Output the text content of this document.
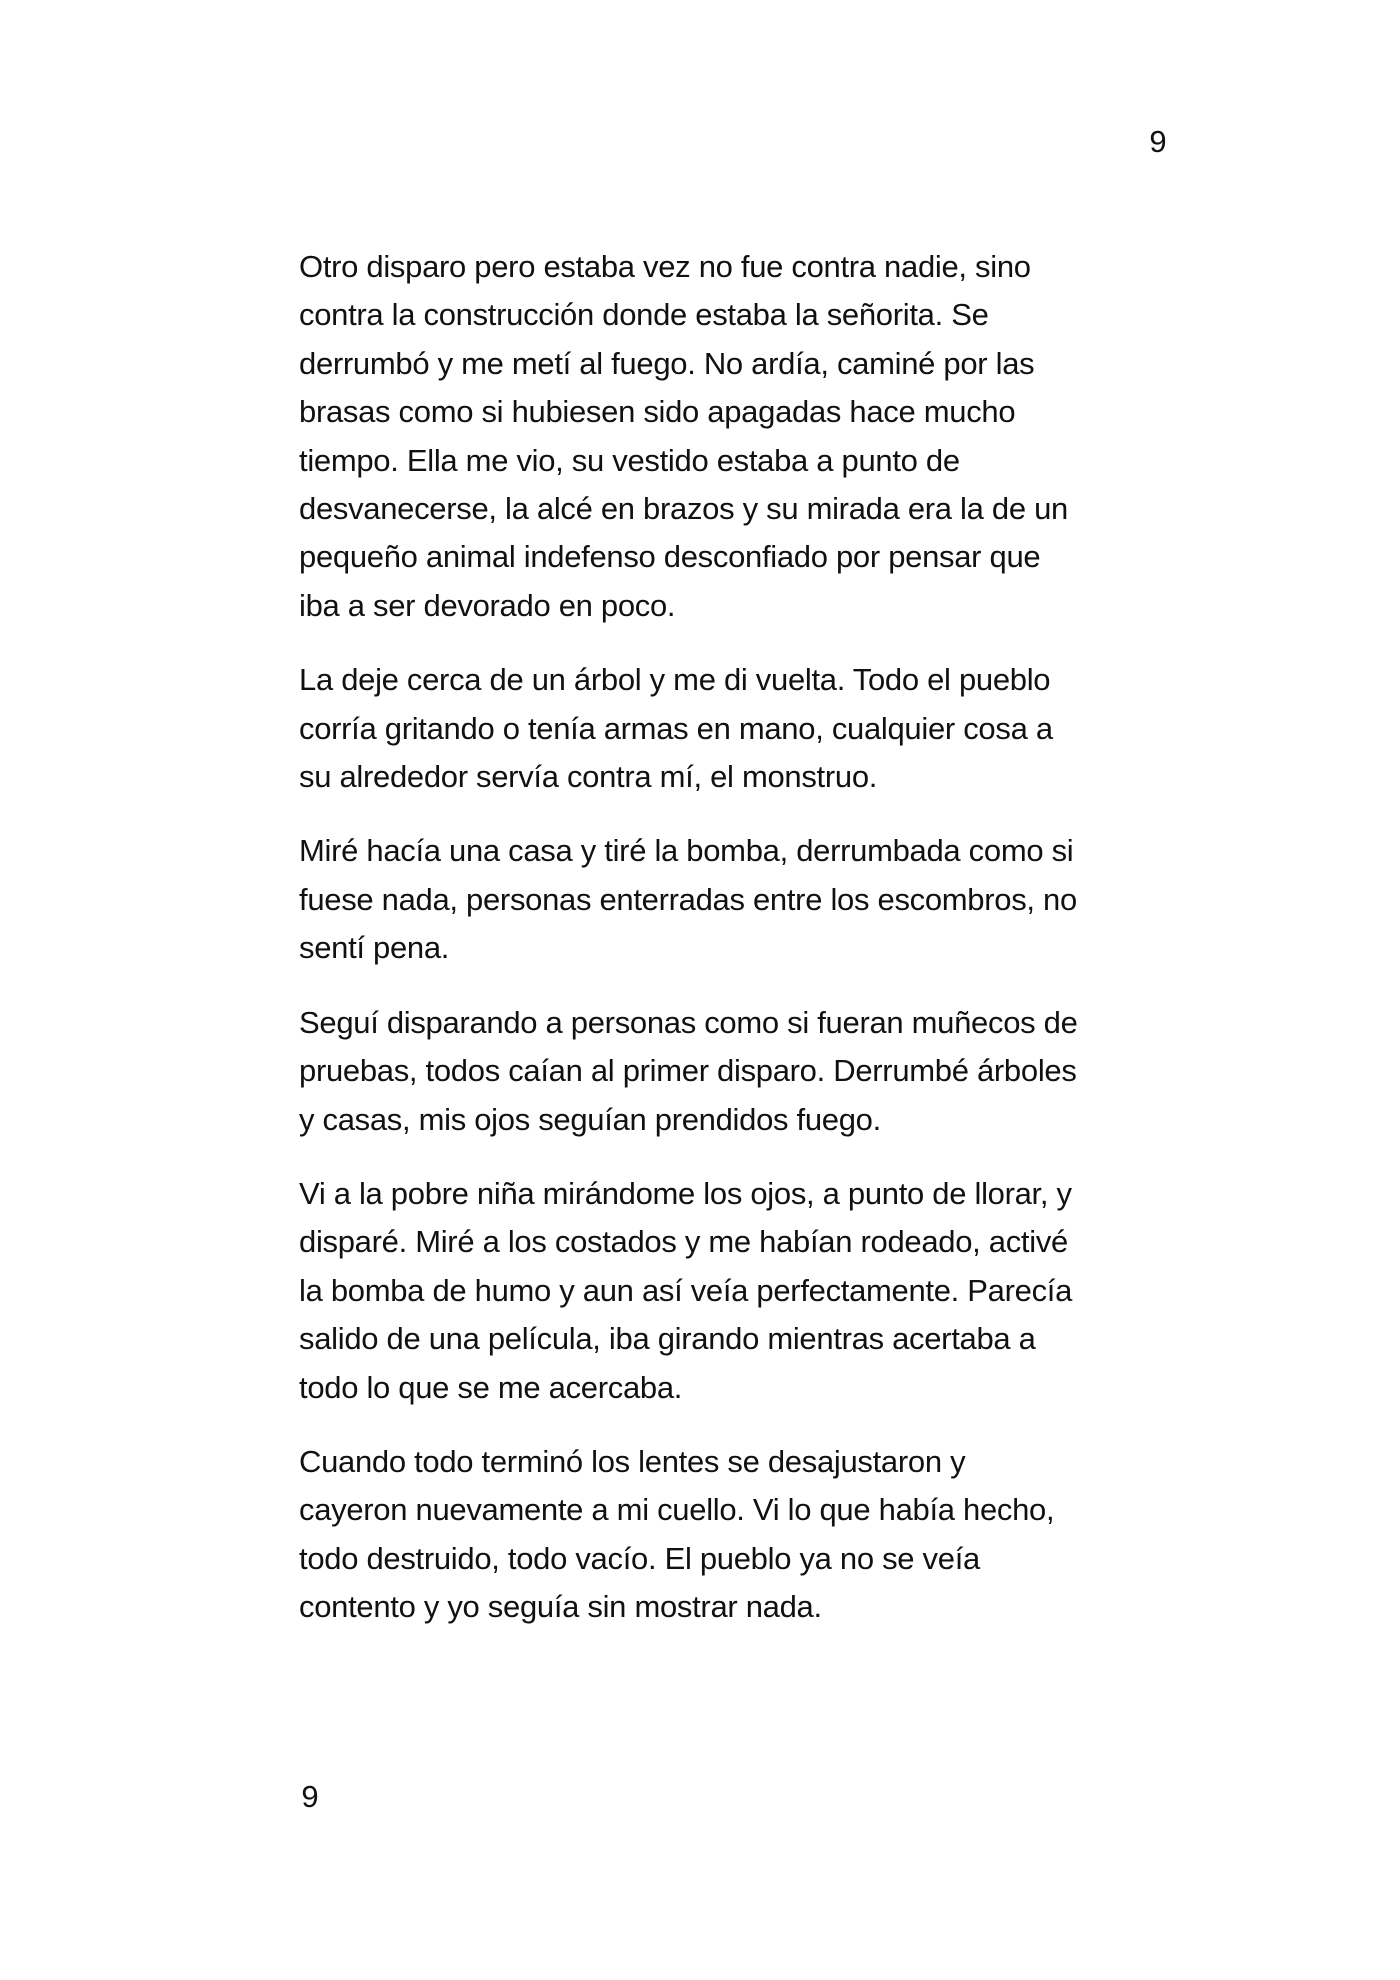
9

Otro disparo pero estaba vez no fue contra nadie, sino
contra la construcción donde estaba la señorita. Se
derrumbó y me metí al fuego. No ardía, caminé por las
brasas como si hubiesen sido apagadas hace mucho
tiempo. Ella me vio, su vestido estaba a punto de
desvanecerse, la alcé en brazos y su mirada era la de un
pequeño animal indefenso desconfiado por pensar que
iba a ser devorado en poco.

La deje cerca de un árbol y me di vuelta. Todo el pueblo
corría gritando o tenía armas en mano, cualquier cosa a
su alrededor servía contra mí, el monstruo.

Miré hacía una casa y tiré la bomba, derrumbada como si
fuese nada, personas enterradas entre los escombros, no
sentí pena.

Seguí disparando a personas como si fueran muñecos de
pruebas, todos caían al primer disparo. Derrumbé árboles
y casas, mis ojos seguían prendidos fuego.

Vi a la pobre niña mirándome los ojos, a punto de llorar, y
disparé. Miré a los costados y me habían rodeado, activé
la bomba de humo y aun así veía perfectamente. Parecía
salido de una película, iba girando mientras acertaba a
todo lo que se me acercaba.

Cuando todo terminó los lentes se desajustaron y
cayeron nuevamente a mi cuello. Vi lo que había hecho,
todo destruido, todo vacío. El pueblo ya no se veía
contento y yo seguía sin mostrar nada.

9
